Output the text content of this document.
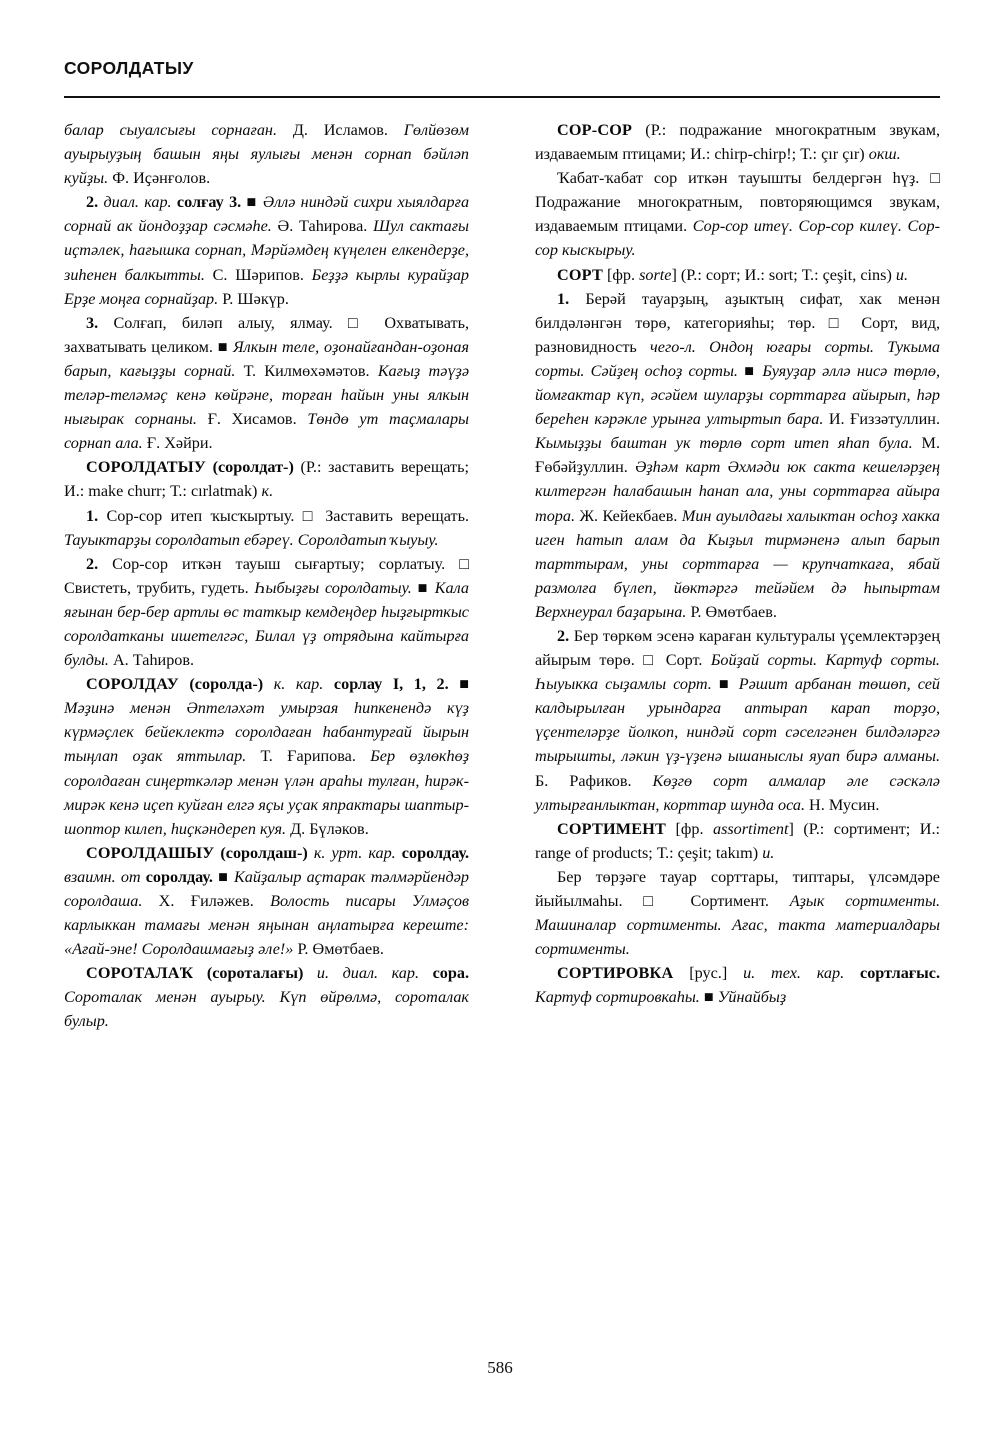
СОРОЛДАТЫУ

балар сыуалсығы сорнаған. Д. Исламов. Гөлйөзөм ауырыуҙың башын яңы яулығы менән сорнап бәйләп куйҙы. Ф. Иҫәнғолов.

2. диал. кар. солғау 3. ■ Әллә ниндәй сихри хыялдарға сорнай ак йондоҙҙар сәсмәһе. Ә. Таһирова. Шул сактағы иҫтәлек, һағышка сорнап, Мәрйәмдең күңелен елкендерҙе, зиһенен балкытты. С. Шәрипов. Беҙҙә кырлы курайҙар Ерҙе моңға сорнайҙар. Р. Шәкүр.

3. Солғап, биләп алыу, ялмау. □ Охватывать, захватывать целиком. ■ Ялкын теле, оҙонайғандан-оҙоная барып, кағыҙҙы сорнай. Т. Килмөхәмәтов. Кағыҙ тәүҙә теләр-теләмәҫ кенә көйрәне, торған һайын уны ялкын нығырак сорнаны. Ғ. Хисамов. Төндө ут таҫмалары сорнап ала. Ғ. Хәйри.

СОРОЛДАТЫУ (соролдат-) (Р.: заставить верещать; И.: make churr; Т.: cırlatmak) к.

1. Сор-сор итеп ҡысҡыртыу. □ Заставить верещать. Тауыктарҙы соролдатып ебәреү. Соролдатып ҡыуыу.

2. Сор-сор иткән тауыш сығартыу; сорлатыу. □ Свистеть, трубить, гудеть. Һыбыҙғы соролдатыу. ■ Кала яғынан бер-бер артлы өс таткыр кемдеңдер һыҙғырткыс соролдатканы ишетелгәс, Билал үҙ отрядына кайтырға булды. А. Таһиров.

СОРОЛДАУ (соролда-) к. кар. сорлау I, 1, 2. ■ Мәҙинә менән Әптеләхәт умырзая һипкенендә күҙ күрмәҫлек бейеклектә соролдаған һабантурғай йырын тыңлап оҙак яттылар. Т. Ғарипова. Бер өҙлөкһөҙ соролдаған сиңерткәләр менән үлән араһы тулған, һирәк-мирәк кенә иҫеп куйған елгә яҫы уҫак япрактары шаптыр-шоптор килеп, һиҫкәндереп куя. Д. Бүләков.

СОРОЛДАШЫУ (соролдаш-) к. урт. кар. соролдау. взаимн. от соролдау. ■ Кайҙалыр аҫтарак тәлмәрйендәр соролдаша. Х. Ғиләжев. Волость писары Улмәҫов карлыккан тамағы менән яңынан аңлатырға кереште: «Ағай-эне! Соролдашмағыҙ әле!» Р. Өмөтбаев.

СОРОТАЛАҠ (сороталағы) и. диал. кар. сора. Сороталак менән ауырыу. Күп өйрөлмә, сороталак булыр.

СОР-СОР (Р.: подражание многократным звукам, издаваемым птицами; И.: chirp-chirp!; Т.: çır çır) окш.

Ҡабат-ҡабат сор иткән тауышты белдергән һүҙ. □ Подражание многократным, повторяющимся звукам, издаваемым птицами. Сор-сор итеү. Сор-сор килеү. Сор-сор кыскырыу.

СОРТ [фр. sorte] (Р.: сорт; И.: sort; Т.: çeşit, cins) и.

1. Берәй тауарҙың, аҙыктың сифат, хак менән билдәләнгән төрө, категорияһы; төр. □ Сорт, вид, разновидность чего-л. Ондоң юғары сорты. Тукыма сорты. Сәйҙең осһоҙ сорты. ■ Буяуҙар әллә нисә төрлө, йомғактар күп, әсәйем шуларҙы сорттарға айырып, һәр береһен кәрәкле урынға ултыртып бара. И. Ғиззәтуллин. Кымыҙҙы баштан ук төрлө сорт итеп яһап була. М. Ғөбәйҙуллин. Әҙһәм карт Әхмәди юк сакта кешеләрҙең килтергән һалабашын һанап ала, уны сорттарға айыра тора. Ж. Кейекбаев. Мин ауылдағы халыктан осһоҙ хакка иген һатып алам да Кыҙыл тирмәненә алып барып тарттырам, уны сорттарға — крупчаткаға, ябай размолға бүлеп, йөктәргә тейәйем дә һыпыртам Верхнеурал баҙарына. Р. Өмөтбаев.

2. Бер төркөм эсенә караған культуралы үҫемлектәрҙең айырым төрө. □ Сорт. Бойҙай сорты. Картуф сорты. Һыуыкка сыҙамлы сорт. ■ Рәшит арбанан төшөп, сей калдырылған урындарға аптырап карап торҙо, үҫентеләрҙе йолкоп, ниндәй сорт сәселгәнен билдәләргә тырышты, ләкин үҙ-үҙенә ышаныслы яуап бирә алманы. Б. Рафиков. Көҙгө сорт алмалар әле сәскәлә ултырғанлыктан, корттар шунда оса. Н. Мусин.

СОРТИМЕНТ [фр. assortiment] (Р.: сортимент; И.: range of products; Т.: çeşit; takım) и.

Бер төрҙәге тауар сорттары, типтары, үлсәмдәре йыйылмаһы. □ Сортимент. Аҙык сортименты. Машиналар сортименты. Ағас, такта материалдары сортименты.

СОРТИРОВКА [рус.] и. тех. кар. сортлағыс. Картуф сортировкаһы. ■ Уйнайбыҙ

586
